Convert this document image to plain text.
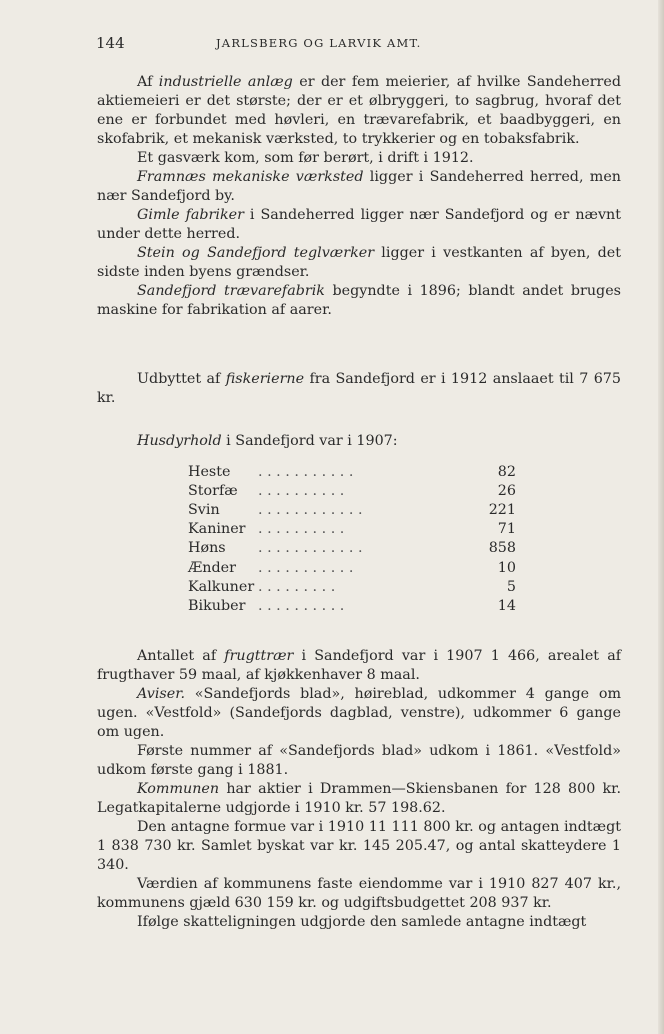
144	JARLSBERG OG LARVIK AMT.

Af industrielle anlæg er der fem meierier, af hvilke Sandeherred aktiemeieri er det største; der er et ølbryggeri, to sagbrug, hvoraf det ene er forbundet med høvleri, en trævarefabrik, et baadbyggeri, en skofabrik, et mekanisk værksted, to trykkerier og en tobaksfabrik.

Et gasværk kom, som før berørt, i drift i 1912.

Framnæs mekaniske værksted ligger i Sandeherred herred, men nær Sandefjord by.

Gimle fabriker i Sandeherred ligger nær Sandefjord og er nævnt under dette herred.

Stein og Sandefjord teglværker ligger i vestkanten af byen, det sidste inden byens grændser.

Sandefjord trævarefabrik begyndte i 1896; blandt andet bruges maskine for fabrikation af aarer.

Udbyttet af fiskerierne fra Sandefjord er i 1912 anslaaet til 7 675 kr.

Husdyrhold i Sandefjord var i 1907:

Heste	. . . . . . . . . . .	82
Storfæ	. . . . . . . . . .	26
Svin	. . . . . . . . . . . .	221
Kaniner	. . . . . . . . . .	71
Høns	. . . . . . . . . . . .	858
Ænder	. . . . . . . . . . .	10
Kalkuner	. . . . . . . . .	5
Bikuber	. . . . . . . . . .	14

Antallet af frugttrær i Sandefjord var i 1907 1 466, arealet af frugthaver 59 maal, af kjøkkenhaver 8 maal.

Aviser. «Sandefjords blad», høireblad, udkommer 4 gange om ugen. «Vestfold» (Sandefjords dagblad, venstre), udkommer 6 gange om ugen.

Første nummer af «Sandefjords blad» udkom i 1861. «Vestfold» udkom første gang i 1881.

Kommunen har aktier i Drammen—Skiensbanen for 128 800 kr. Legatkapitalerne udgjorde i 1910 kr. 57 198.62.

Den antagne formue var i 1910 11 111 800 kr. og antagen indtægt 1 838 730 kr. Samlet byskat var kr. 145 205.47, og antal skatteydere 1 340.

Værdien af kommunens faste eiendomme var i 1910 827 407 kr., kommunens gjæld 630 159 kr. og udgiftsbudgettet 208 937 kr.

Ifølge skatteligningen udgjorde den samlede antagne indtægt
